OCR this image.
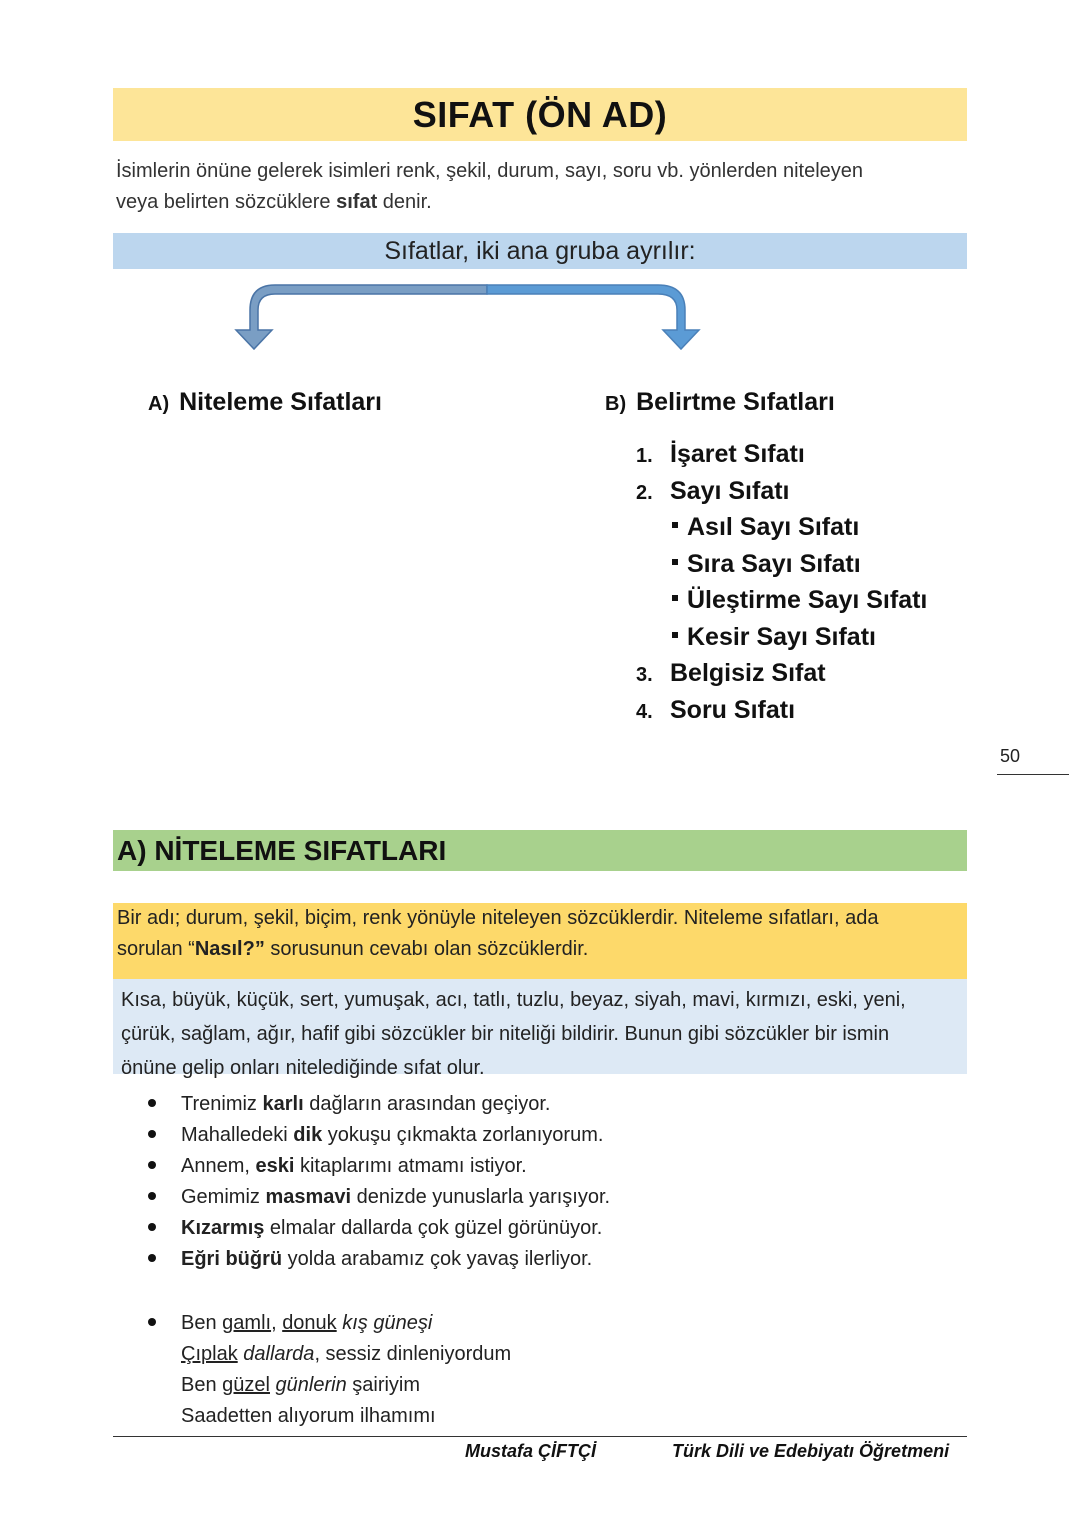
SIFAT (ÖN AD)
İsimlerin önüne gelerek isimleri renk, şekil, durum, sayı, soru vb. yönlerden niteleyen
veya belirten sözcüklere sıfat denir.
Sıfatlar, iki ana gruba ayrılır:
A) Niteleme Sıfatları	B) Belirtme Sıfatları
1. İşaret Sıfatı
2. Sayı Sıfatı
Asıl Sayı Sıfatı
Sıra Sayı Sıfatı
Üleştirme Sayı Sıfatı
Kesir Sayı Sıfatı
3. Belgisiz Sıfat
4. Soru Sıfatı
50
A) NİTELEME SIFATLARI
Bir adı; durum, şekil, biçim, renk yönüyle niteleyen sözcüklerdir. Niteleme sıfatları, ada
sorulan “Nasıl?” sorusunun cevabı olan sözcüklerdir.
Kısa, büyük, küçük, sert, yumuşak, acı, tatlı, tuzlu, beyaz, siyah, mavi, kırmızı, eski, yeni,
çürük, sağlam, ağır, hafif gibi sözcükler bir niteliği bildirir. Bunun gibi sözcükler bir ismin
önüne gelip onları nitelediğinde sıfat olur.
Trenimiz karlı dağların arasından geçiyor.
Mahalledeki dik yokuşu çıkmakta zorlanıyorum.
Annem, eski kitaplarımı atmamı istiyor.
Gemimiz masmavi denizde yunuslarla yarışıyor.
Kızarmış elmalar dallarda çok güzel görünüyor.
Eğri büğrü yolda arabamız çok yavaş ilerliyor.
Ben gamlı, donuk kış güneşi
Çıplak dallarda, sessiz dinleniyordum
Ben güzel günlerin şairiyim
Saadetten alıyorum ilhamımı
Mustafa ÇİFTÇİ	Türk Dili ve Edebiyatı Öğretmeni
